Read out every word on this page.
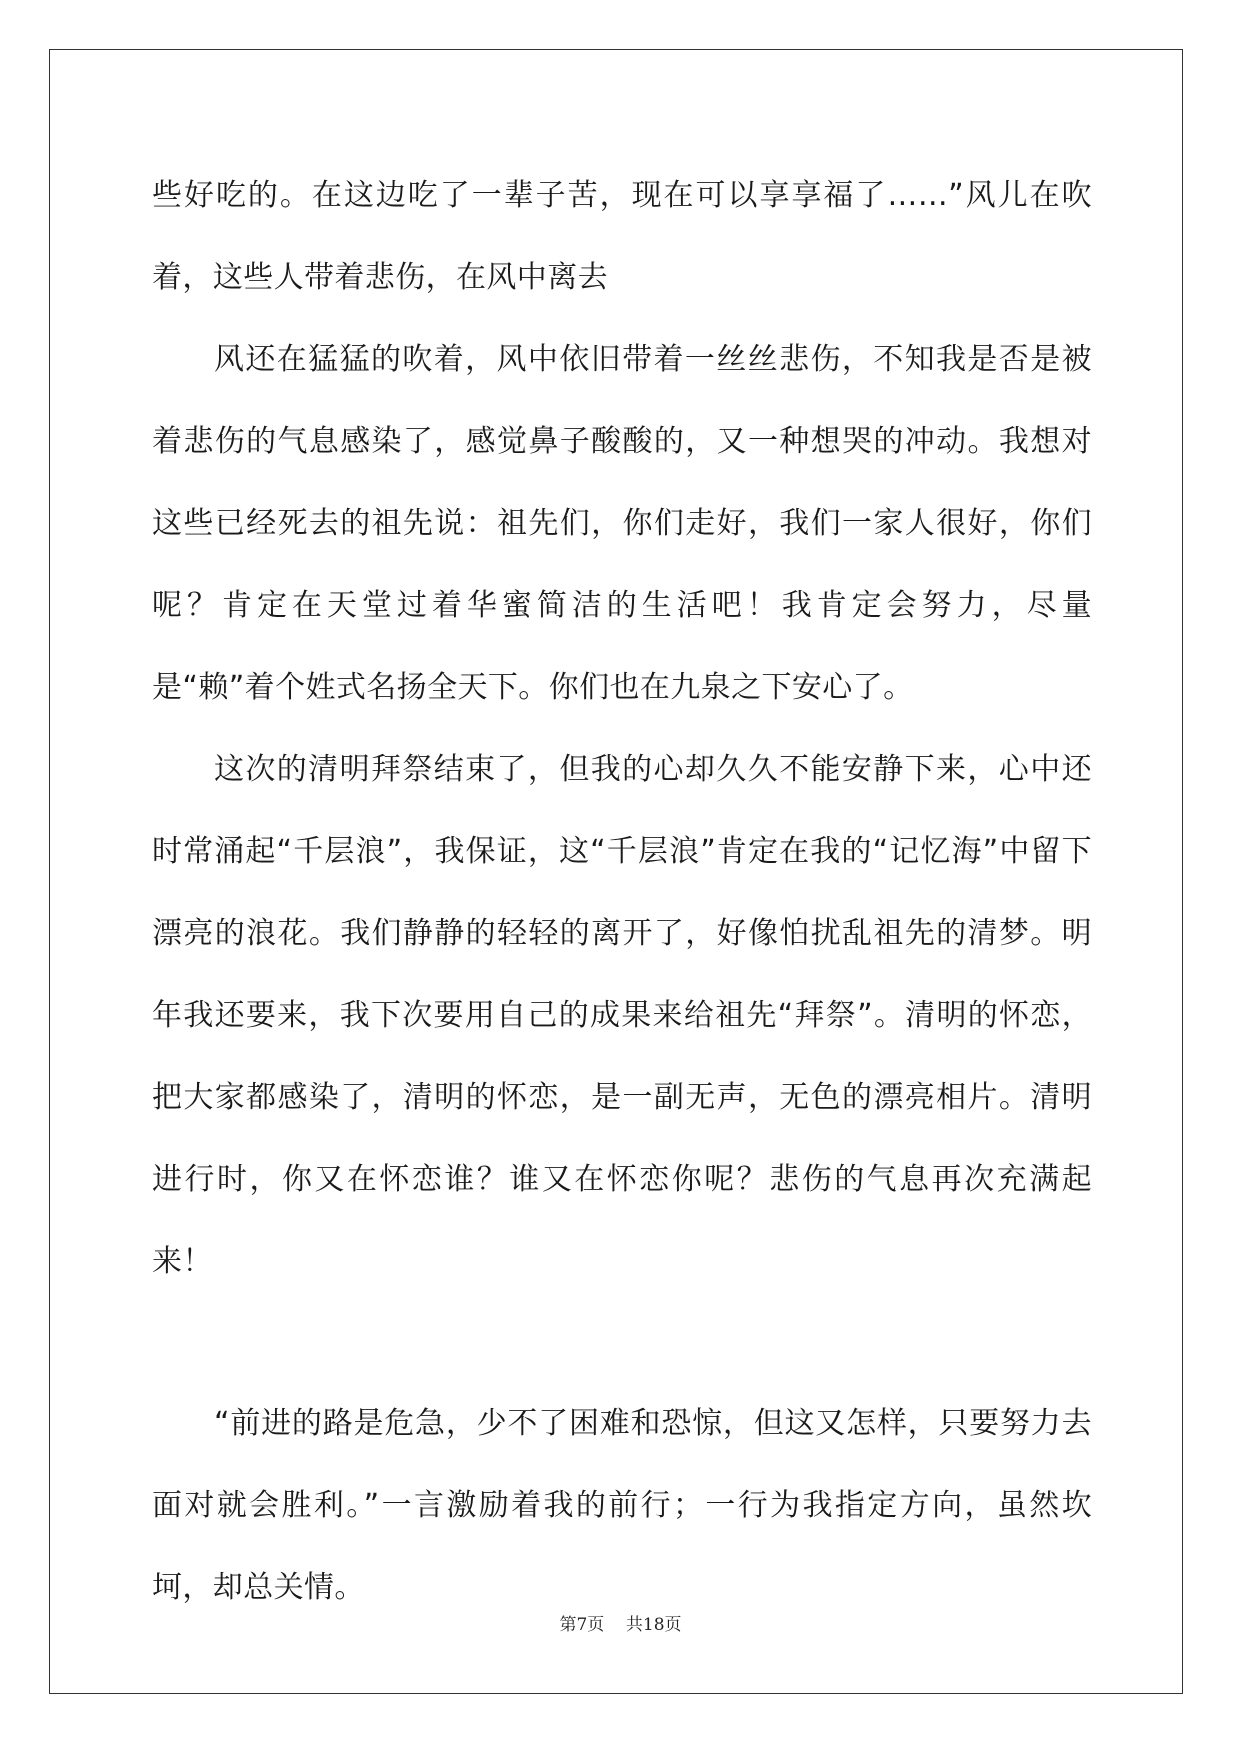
些好吃的。在这边吃了一辈子苦，现在可以享享福了……”风儿在吹着，这些人带着悲伤，在风中离去

风还在猛猛的吹着，风中依旧带着一丝丝悲伤，不知我是否是被着悲伤的气息感染了，感觉鼻子酸酸的，又一种想哭的冲动。我想对这些已经死去的祖先说：祖先们，你们走好，我们一家人很好，你们呢？肯定在天堂过着华蜜简洁的生活吧！我肯定会努力，尽量是“赖”着个姓式名扬全天下。你们也在九泉之下安心了。

这次的清明拜祭结束了，但我的心却久久不能安静下来，心中还时常涌起“千层浪”，我保证，这“千层浪”肯定在我的“记忆海”中留下漂亮的浪花。我们静静的轻轻的离开了，好像怕扰乱祖先的清梦。明年我还要来，我下次要用自己的成果来给祖先“拜祭”。清明的怀恋，把大家都感染了，清明的怀恋，是一副无声，无色的漂亮相片。清明进行时，你又在怀恋谁？谁又在怀恋你呢？悲伤的气息再次充满起来！

“前进的路是危急，少不了困难和恐惊，但这又怎样，只要努力去面对就会胜利。”一言激励着我的前行；一行为我指定方向，虽然坎坷，却总关情。

第7页 共18页
